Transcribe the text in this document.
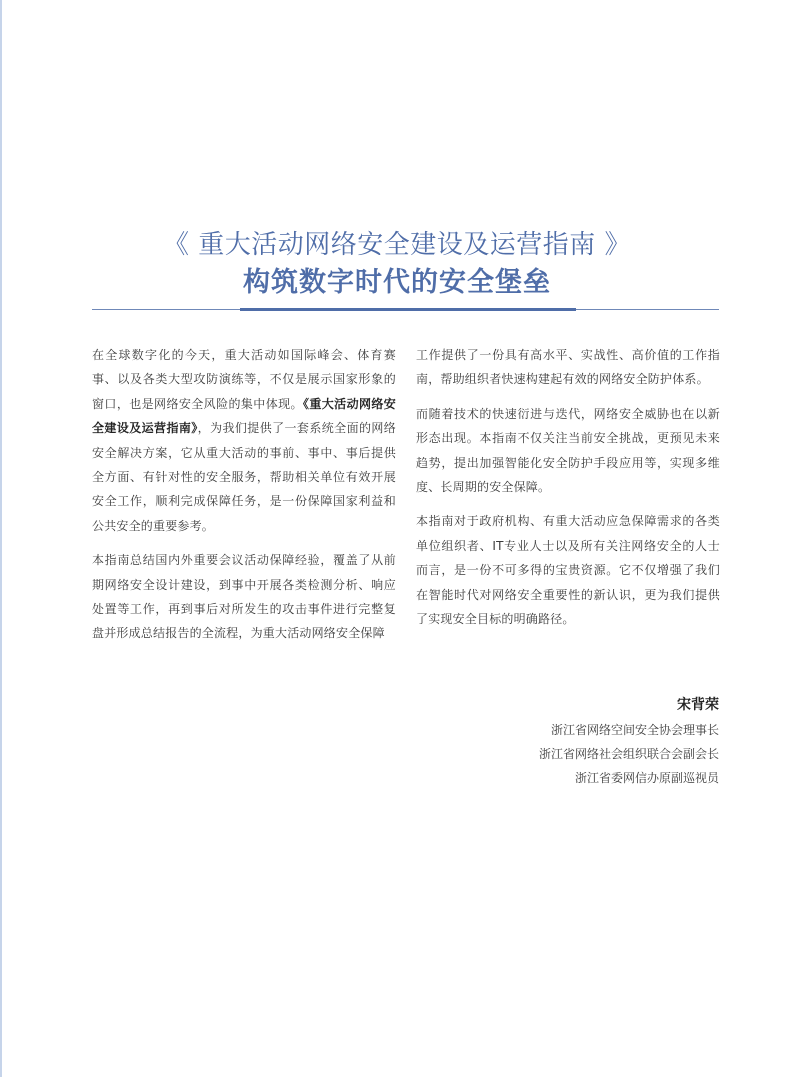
《 重大活动网络安全建设及运营指南 》
构筑数字时代的安全堡垒

在全球数字化的今天，重大活动如国际峰会、体育赛事、以及各类大型攻防演练等，不仅是展示国家形象的窗口，也是网络安全风险的集中体现。《重大活动网络安全建设及运营指南》，为我们提供了一套系统全面的网络安全解决方案，它从重大活动的事前、事中、事后提供全方面、有针对性的安全服务，帮助相关单位有效开展安全工作，顺利完成保障任务，是一份保障国家利益和公共安全的重要参考。

本指南总结国内外重要会议活动保障经验，覆盖了从前期网络安全设计建设，到事中开展各类检测分析、响应处置等工作，再到事后对所发生的攻击事件进行完整复盘并形成总结报告的全流程，为重大活动网络安全保障

工作提供了一份具有高水平、实战性、高价值的工作指南，帮助组织者快速构建起有效的网络安全防护体系。

而随着技术的快速衍进与迭代，网络安全威胁也在以新形态出现。本指南不仅关注当前安全挑战，更预见未来趋势，提出加强智能化安全防护手段应用等，实现多维度、长周期的安全保障。

本指南对于政府机构、有重大活动应急保障需求的各类单位组织者、IT专业人士以及所有关注网络安全的人士而言，是一份不可多得的宝贵资源。它不仅增强了我们在智能时代对网络安全重要性的新认识，更为我们提供了实现安全目标的明确路径。

宋背荣
浙江省网络空间安全协会理事长
浙江省网络社会组织联合会副会长
浙江省委网信办原副巡视员
